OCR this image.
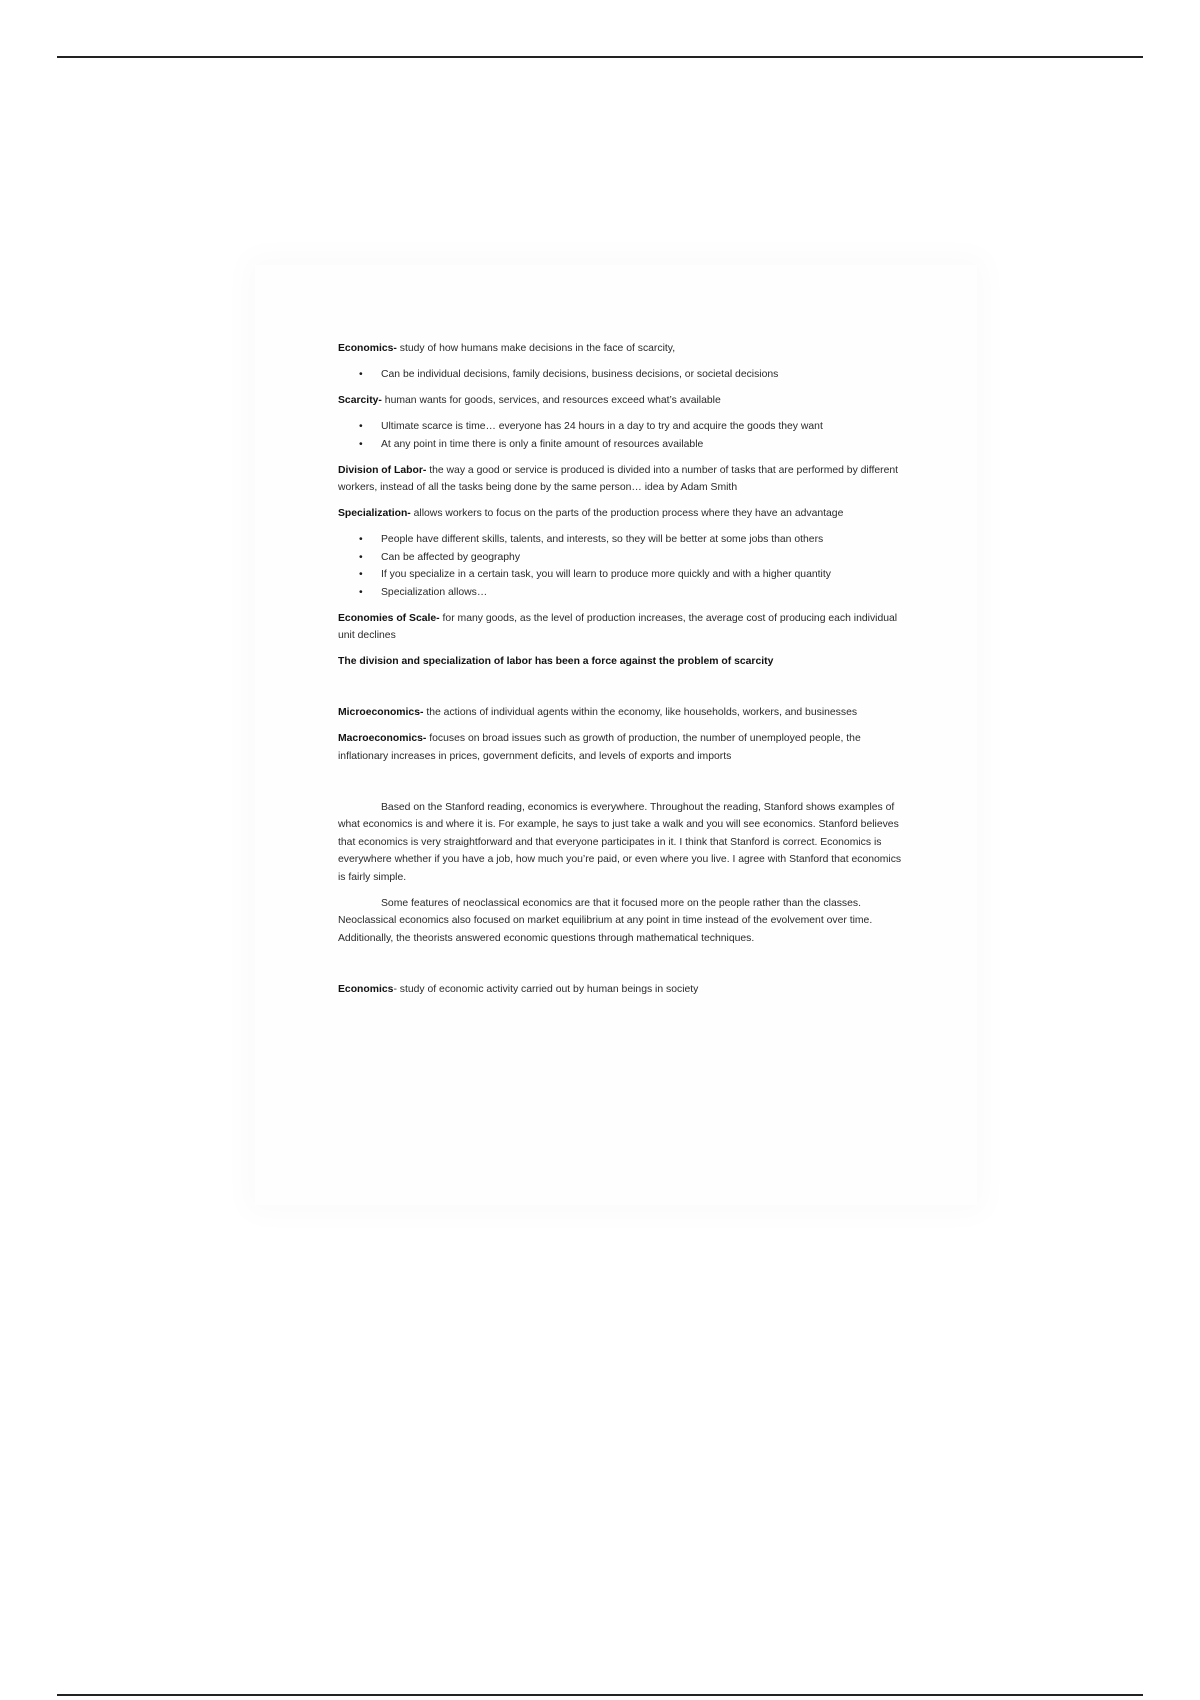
Economics- study of how humans make decisions in the face of scarcity,

• Can be individual decisions, family decisions, business decisions, or societal decisions

Scarcity- human wants for goods, services, and resources exceed what’s available

• Ultimate scarce is time… everyone has 24 hours in a day to try and acquire the goods they want
• At any point in time there is only a finite amount of resources available

Division of Labor- the way a good or service is produced is divided into a number of tasks that are performed by different workers, instead of all the tasks being done by the same person… idea by Adam Smith

Specialization- allows workers to focus on the parts of the production process where they have an advantage

• People have different skills, talents, and interests, so they will be better at some jobs than others
• Can be affected by geography
• If you specialize in a certain task, you will learn to produce more quickly and with a higher quantity
• Specialization allows…

Economies of Scale- for many goods, as the level of production increases, the average cost of producing each individual unit declines

The division and specialization of labor has been a force against the problem of scarcity

Microeconomics- the actions of individual agents within the economy, like households, workers, and businesses

Macroeconomics- focuses on broad issues such as growth of production, the number of unemployed people, the inflationary increases in prices, government deficits, and levels of exports and imports

Based on the Stanford reading, economics is everywhere. Throughout the reading, Stanford shows examples of what economics is and where it is. For example, he says to just take a walk and you will see economics. Stanford believes that economics is very straightforward and that everyone participates in it. I think that Stanford is correct. Economics is everywhere whether if you have a job, how much you’re paid, or even where you live. I agree with Stanford that economics is fairly simple.

Some features of neoclassical economics are that it focused more on the people rather than the classes. Neoclassical economics also focused on market equilibrium at any point in time instead of the evolvement over time. Additionally, the theorists answered economic questions through mathematical techniques.

Economics- study of economic activity carried out by human beings in society
